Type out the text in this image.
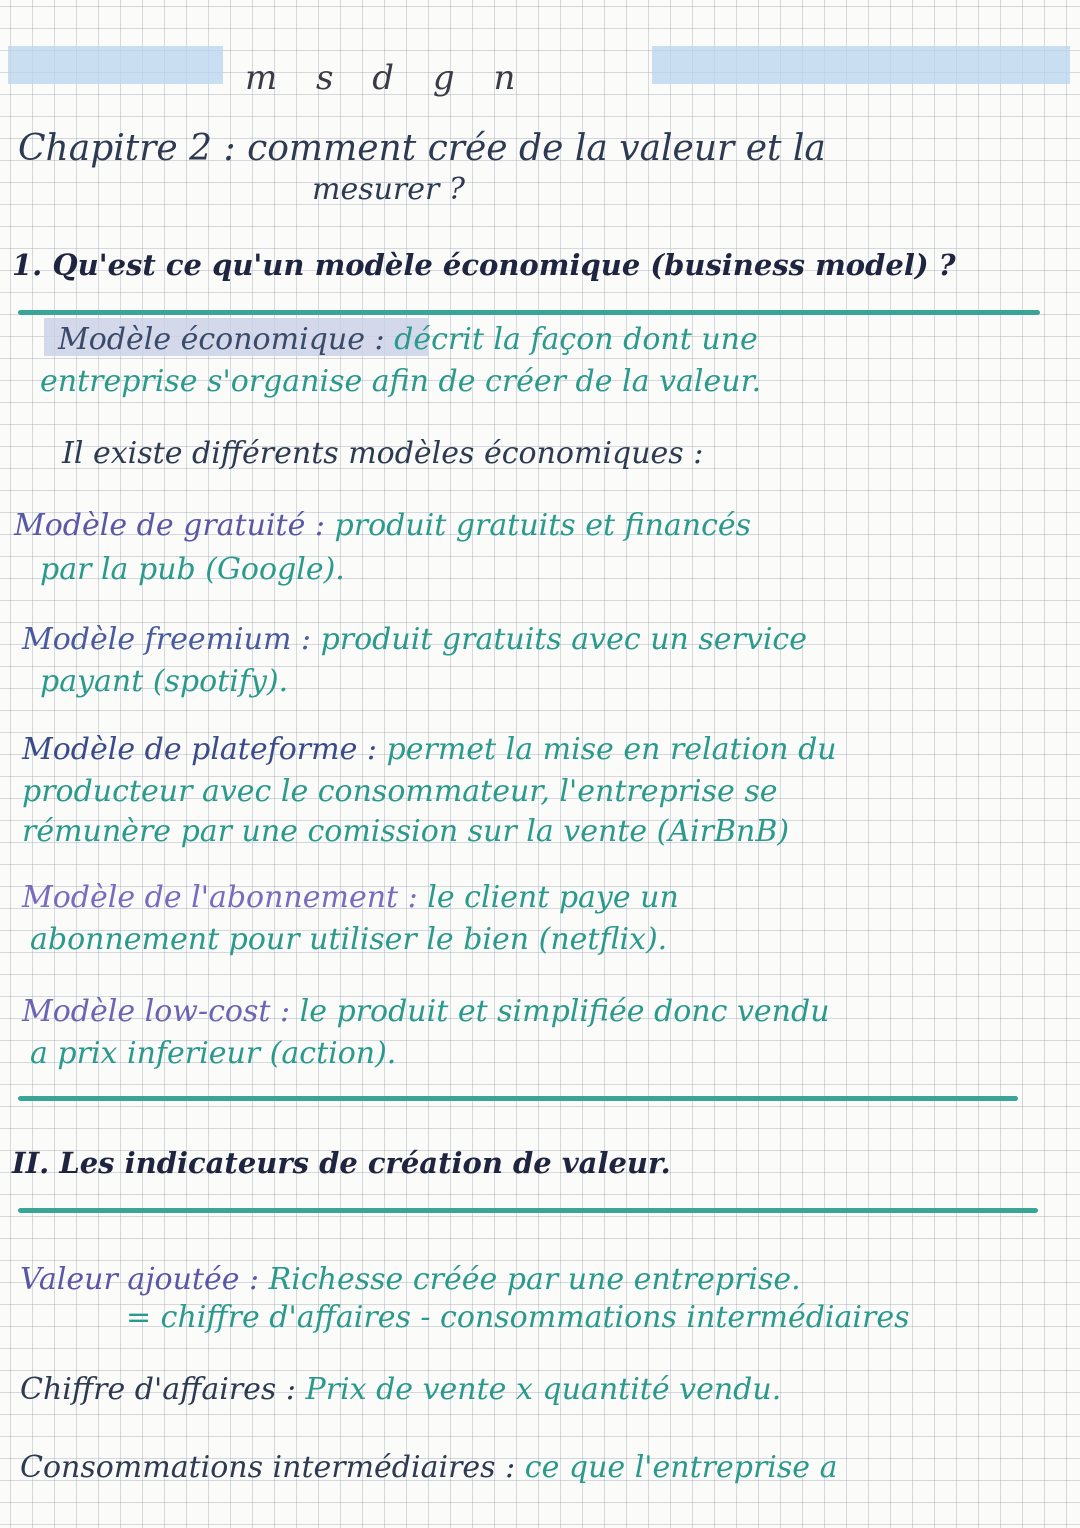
m s d g n
Chapitre 2 : comment crée de la valeur et la
mesurer ?
1. Qu'est ce qu'un modèle économique (business model) ?
Modèle économique : décrit la façon dont une
entreprise s'organise afin de créer de la valeur.
Il existe différents modèles économiques :
Modèle de gratuité : produit gratuits et financés
par la pub (Google).
Modèle freemium : produit gratuits avec un service
payant (spotify).
Modèle de plateforme : permet la mise en relation du
producteur avec le consommateur, l'entreprise se
rémunère par une comission sur la vente (AirBnB)
Modèle de l'abonnement : le client paye un
abonnement pour utiliser le bien (netflix).
Modèle low-cost : le produit et simplifiée donc vendu
a prix inferieur (action).
II. Les indicateurs de création de valeur.
Valeur ajoutée : Richesse créée par une entreprise.
= chiffre d'affaires - consommations intermédiaires
Chiffre d'affaires : Prix de vente x quantité vendu.
Consommations intermédiaires : ce que l'entreprise a
